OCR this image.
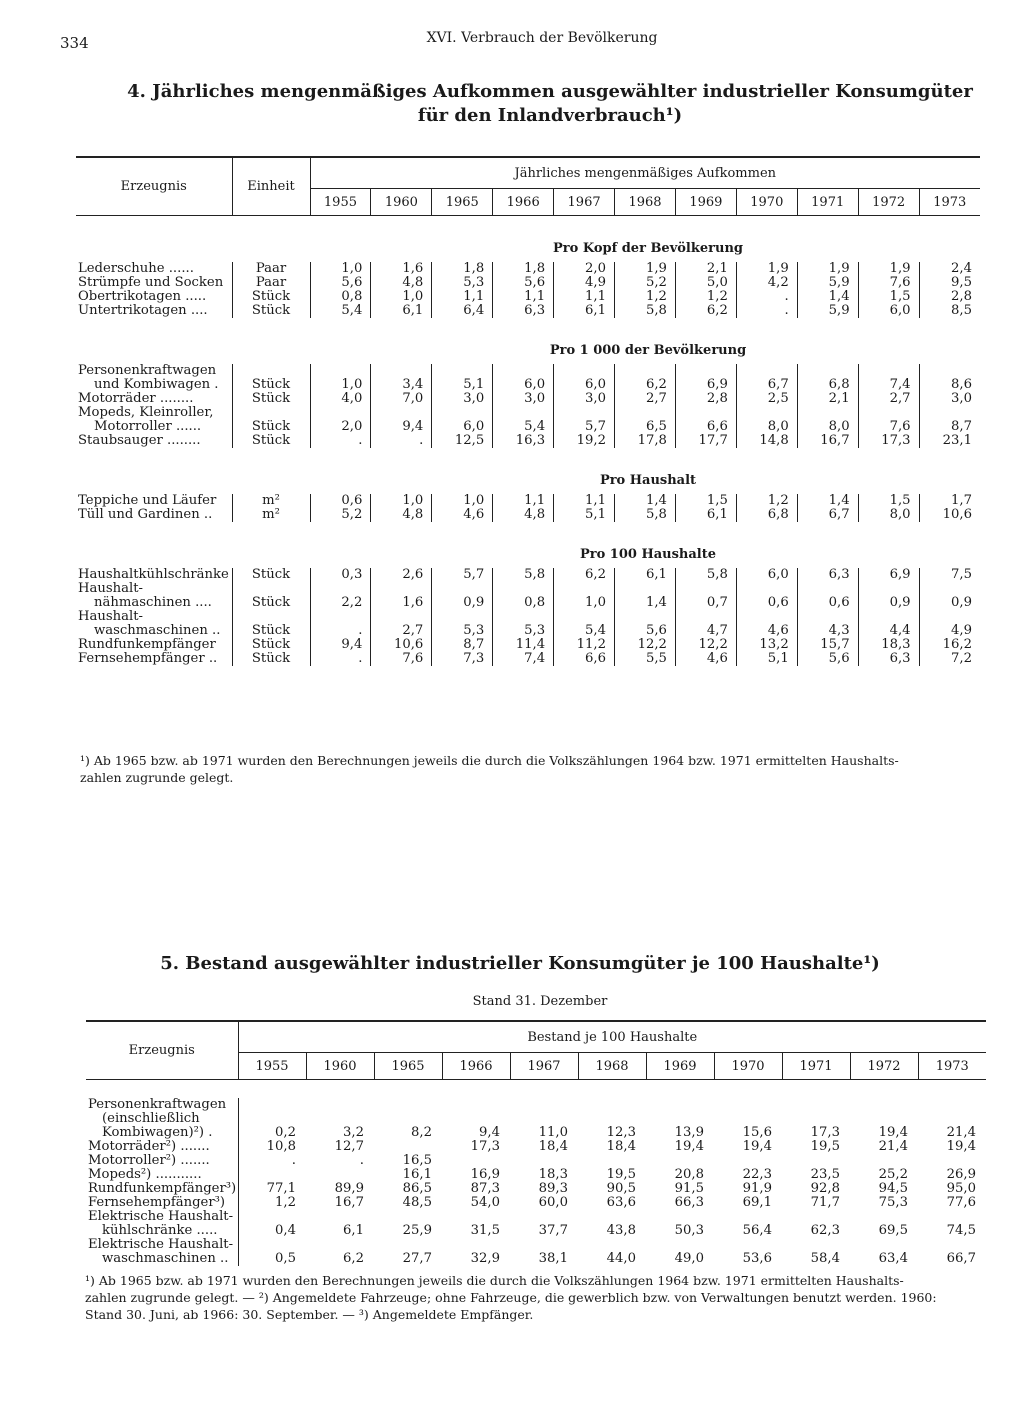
334	XVI. Verbrauch der Bevölkerung
4. Jährliches mengenmäßiges Aufkommen ausgewählter industrieller Konsumgüter
für den Inlandverbrauch¹)
Erzeugnis	Einheit	Jährliches mengenmäßiges Aufkommen										
		1955	1960	1965	1966	1967	1968	1969	1970	1971	1972	1973
Pro Kopf der Bevölkerung												
Lederschuhe ......	Paar	1,0	1,6	1,8	1,8	2,0	1,9	2,1	1,9	1,9	1,9	2,4
Strümpfe und Socken	Paar	5,6	4,8	5,3	5,6	4,9	5,2	5,0	4,2	5,9	7,6	9,5
Obertrikotagen .....	Stück	0,8	1,0	1,1	1,1	1,1	1,2	1,2	.	1,4	1,5	2,8
Untertrikotagen ....	Stück	5,4	6,1	6,4	6,3	6,1	5,8	6,2	.	5,9	6,0	8,5
Pro 1 000 der Bevölkerung												
Personenkraftwagen
und Kombiwagen .	Stück	1,0	3,4	5,1	6,0	6,0	6,2	6,9	6,7	6,8	7,4	8,6
Motorräder ........	Stück	4,0	7,0	3,0	3,0	3,0	2,7	2,8	2,5	2,1	2,7	3,0
Mopeds, Kleinroller,
Motorroller ......	Stück	2,0	9,4	6,0	5,4	5,7	6,5	6,6	8,0	8,0	7,6	8,7
Staubsauger ........	Stück	.	.	12,5	16,3	19,2	17,8	17,7	14,8	16,7	17,3	23,1
Pro Haushalt												
Teppiche und Läufer	m²	0,6	1,0	1,0	1,1	1,1	1,4	1,5	1,2	1,4	1,5	1,7
Tüll und Gardinen ..	m²	5,2	4,8	4,6	4,8	5,1	5,8	6,1	6,8	6,7	8,0	10,6
Pro 100 Haushalte												
Haushaltkühlschränke	Stück	0,3	2,6	5,7	5,8	6,2	6,1	5,8	6,0	6,3	6,9	7,5
Haushalt-
nähmaschinen ....	Stück	2,2	1,6	0,9	0,8	1,0	1,4	0,7	0,6	0,6	0,9	0,9
Haushalt-
waschmaschinen ..	Stück	.	2,7	5,3	5,3	5,4	5,6	4,7	4,6	4,3	4,4	4,9
Rundfunkempfänger	Stück	9,4	10,6	8,7	11,4	11,2	12,2	12,2	13,2	15,7	18,3	16,2
Fernsehempfänger ..	Stück	.	7,6	7,3	7,4	6,6	5,5	4,6	5,1	5,6	6,3	7,2
¹) Ab 1965 bzw. ab 1971 wurden den Berechnungen jeweils die durch die Volkszählungen 1964 bzw. 1971 ermittelten Haushalts-
zahlen zugrunde gelegt.
5. Bestand ausgewählter industrieller Konsumgüter je 100 Haushalte¹)
Stand 31. Dezember
Erzeugnis	Bestand je 100 Haushalte										
	1955	1960	1965	1966	1967	1968	1969	1970	1971	1972	1973

Personenkraftwagen
(einschließlich
Kombiwagen)²) .	0,2	3,2	8,2	9,4	11,0	12,3	13,9	15,6	17,3	19,4	21,4
Motorräder²) .......	10,8	12,7		17,3	18,4	18,4	19,4	19,4	19,5	21,4	19,4
Motorroller²) .......	.	.	16,5								
Mopeds²) ...........			16,1	16,9	18,3	19,5	20,8	22,3	23,5	25,2	26,9
Rundfunkempfänger³)	77,1	89,9	86,5	87,3	89,3	90,5	91,5	91,9	92,8	94,5	95,0
Fernsehempfänger³)	1,2	16,7	48,5	54,0	60,0	63,6	66,3	69,1	71,7	75,3	77,6
Elektrische Haushalt-
kühlschränke .....	0,4	6,1	25,9	31,5	37,7	43,8	50,3	56,4	62,3	69,5	74,5
Elektrische Haushalt-
waschmaschinen ..	0,5	6,2	27,7	32,9	38,1	44,0	49,0	53,6	58,4	63,4	66,7
¹) Ab 1965 bzw. ab 1971 wurden den Berechnungen jeweils die durch die Volkszählungen 1964 bzw. 1971 ermittelten Haushalts-
zahlen zugrunde gelegt. — ²) Angemeldete Fahrzeuge; ohne Fahrzeuge, die gewerblich bzw. von Verwaltungen benutzt werden. 1960:
Stand 30. Juni, ab 1966: 30. September. — ³) Angemeldete Empfänger.
